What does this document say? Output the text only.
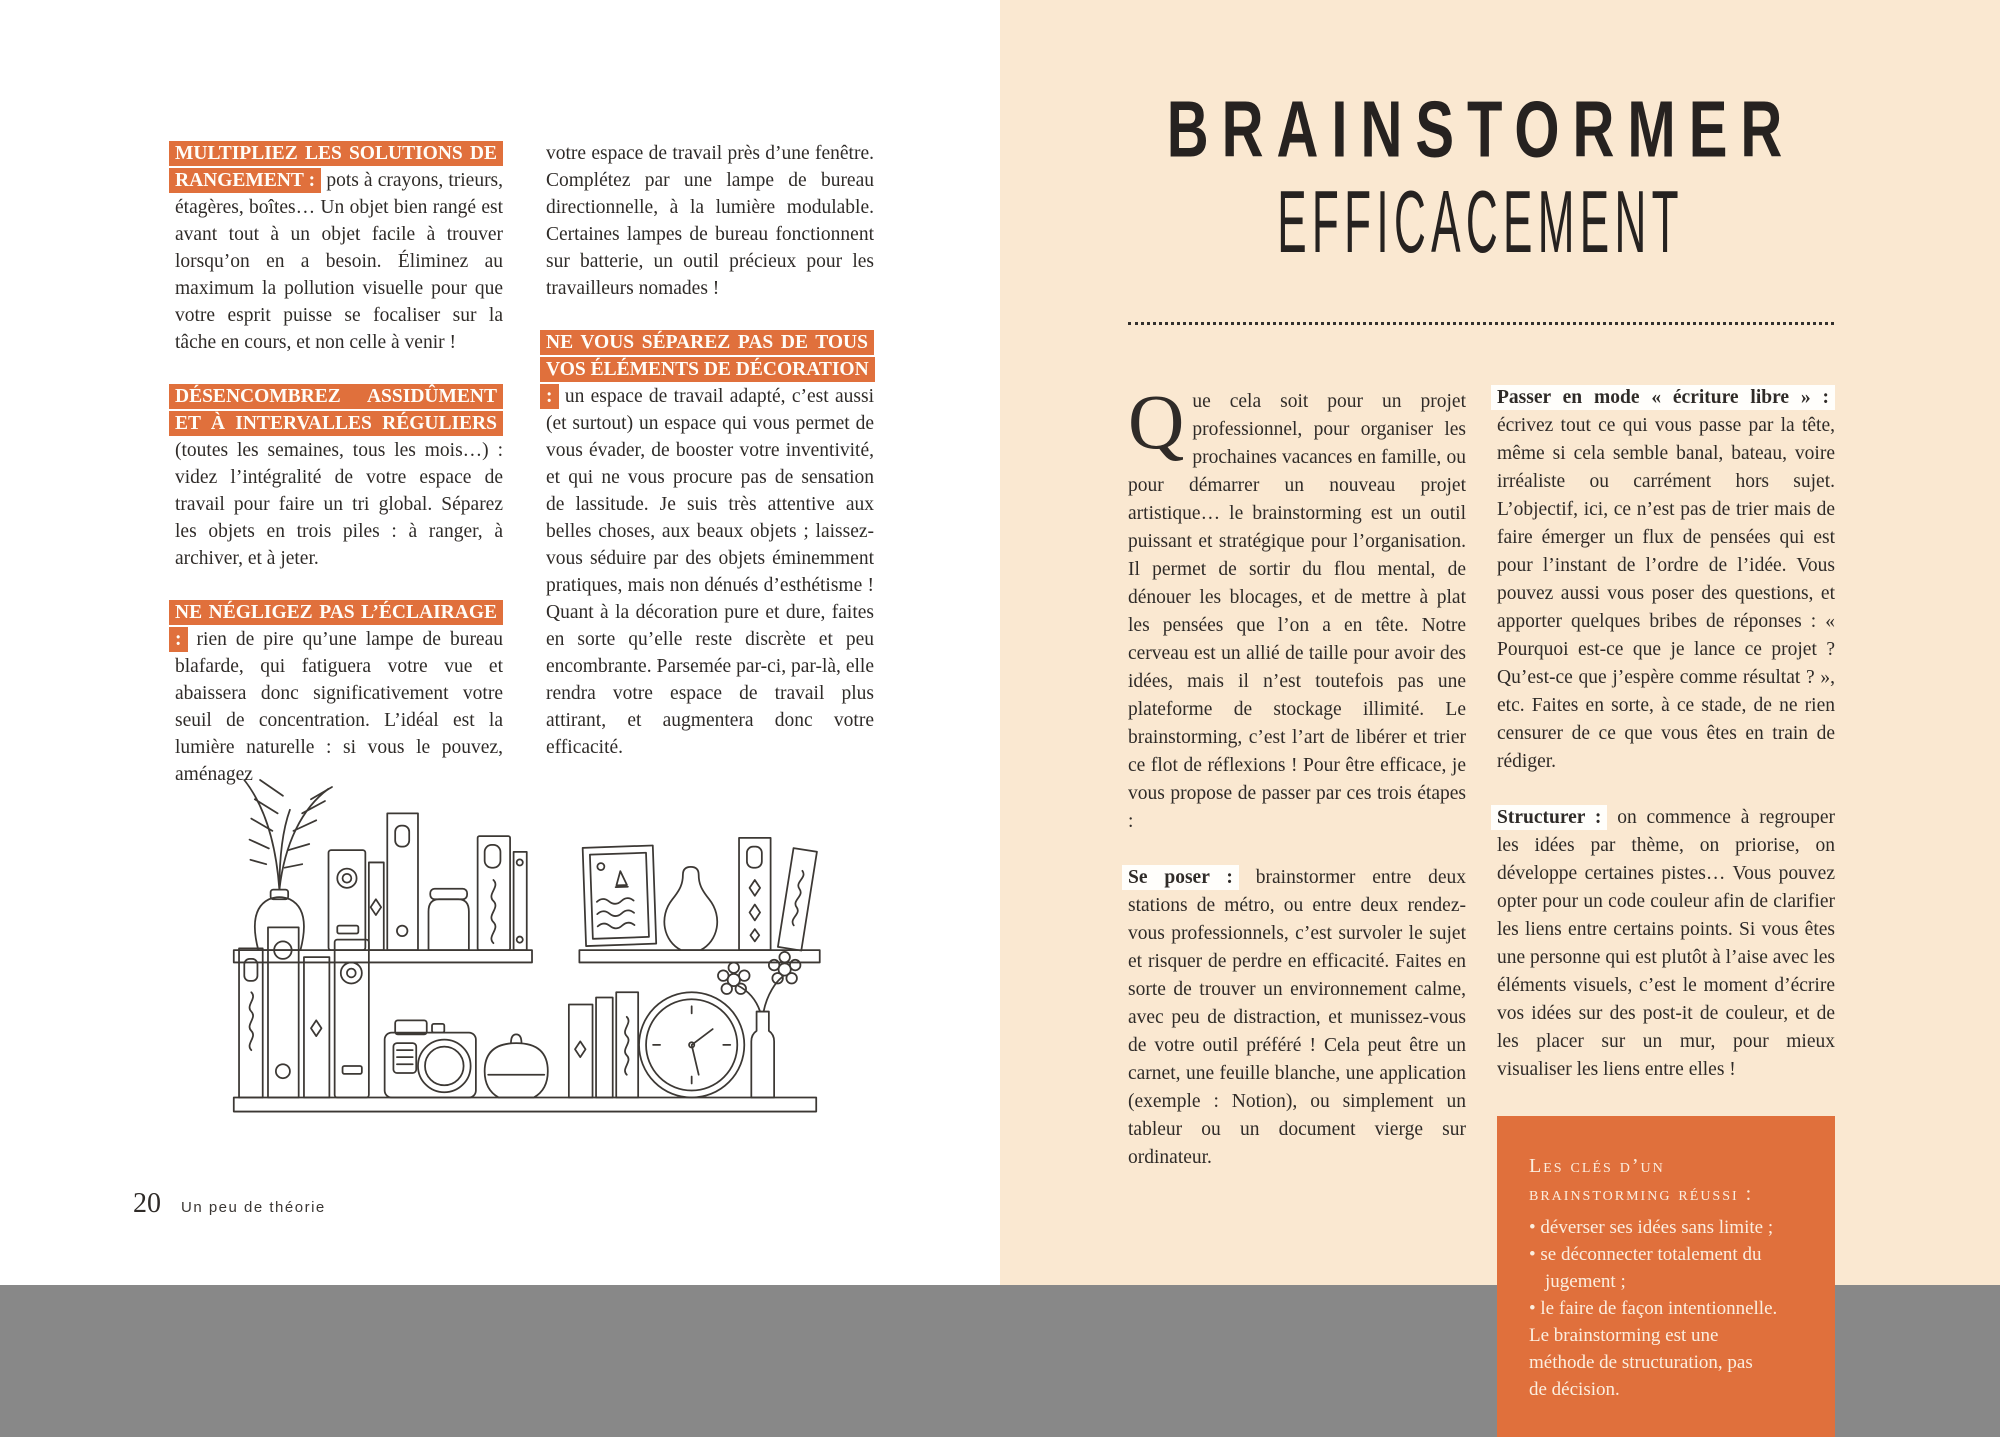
MULTIPLIEZ LES SOLUTIONS DE RANGEMENT : pots à crayons, trieurs, étagères, boîtes… Un objet bien rangé est avant tout à un objet facile à trouver lorsqu’on en a besoin. Éliminez au maximum la pollution visuelle pour que votre esprit puisse se focaliser sur la tâche en cours, et non celle à venir !

DÉSENCOMBREZ ASSIDÛMENT ET À INTERVALLES RÉGULIERS (toutes les semaines, tous les mois…) : videz l’intégralité de votre espace de travail pour faire un tri global. Séparez les objets en trois piles : à ranger, à archiver, et à jeter.

NE NÉGLIGEZ PAS L’ÉCLAIRAGE : rien de pire qu’une lampe de bureau blafarde, qui fatiguera votre vue et abaissera donc significativement votre seuil de concentration. L’idéal est la lumière naturelle : si vous le pouvez, aménagez

votre espace de travail près d’une fenêtre. Complétez par une lampe de bureau directionnelle, à la lumière modulable. Certaines lampes de bureau fonctionnent sur batterie, un outil précieux pour les travailleurs nomades !

NE VOUS SÉPAREZ PAS DE TOUS VOS ÉLÉMENTS DE DÉCORATION : un espace de travail adapté, c’est aussi (et surtout) un espace qui vous permet de vous évader, de booster votre inventivité, et qui ne vous procure pas de sensation de lassitude. Je suis très attentive aux belles choses, aux beaux objets ; laissez-vous séduire par des objets éminemment pratiques, mais non dénués d’esthétisme ! Quant à la décoration pure et dure, faites en sorte qu’elle reste discrète et peu encombrante. Parsemée par-ci, par-là, elle rendra votre espace de travail plus attirant, et augmentera donc votre efficacité.

20 Un peu de théorie
BRAINSTORMER
EFFICACEMENT

Que cela soit pour un projet professionnel, pour organiser les prochaines vacances en famille, ou pour démarrer un nouveau projet artistique… le brainstorming est un outil puissant et stratégique pour l’organisation. Il permet de sortir du flou mental, de dénouer les blocages, et de mettre à plat les pensées que l’on a en tête. Notre cerveau est un allié de taille pour avoir des idées, mais il n’est toutefois pas une plateforme de stockage illimité. Le brainstorming, c’est l’art de libérer et trier ce flot de réflexions ! Pour être efficace, je vous propose de passer par ces trois étapes :

Se poser : brainstormer entre deux stations de métro, ou entre deux rendez-vous professionnels, c’est survoler le sujet et risquer de perdre en efficacité. Faites en sorte de trouver un environnement calme, avec peu de distraction, et munissez-vous de votre outil préféré ! Cela peut être un carnet, une feuille blanche, une application (exemple : Notion), ou simplement un tableur ou un document vierge sur ordinateur.

Passer en mode « écriture libre » : écrivez tout ce qui vous passe par la tête, même si cela semble banal, bateau, voire irréaliste ou carrément hors sujet. L’objectif, ici, ce n’est pas de trier mais de faire émerger un flux de pensées qui est pour l’instant de l’ordre de l’idée. Vous pouvez aussi vous poser des questions, et apporter quelques bribes de réponses : « Pourquoi est-ce que je lance ce projet ? Qu’est-ce que j’espère comme résultat ? », etc. Faites en sorte, à ce stade, de ne rien censurer de ce que vous êtes en train de rédiger.

Structurer : on commence à regrouper les idées par thème, on priorise, on développe certaines pistes… Vous pouvez opter pour un code couleur afin de clarifier les liens entre certains points. Si vous êtes une personne qui est plutôt à l’aise avec les éléments visuels, c’est le moment d’écrire vos idées sur des post-it de couleur, et de les placer sur un mur, pour mieux visualiser les liens entre elles !

Les clés d’un brainstorming réussi :

• déverser ses idées sans limite ;
• se déconnecter totalement du jugement ;
• le faire de façon intentionnelle.

Le brainstorming est une méthode de structuration, pas de décision.
